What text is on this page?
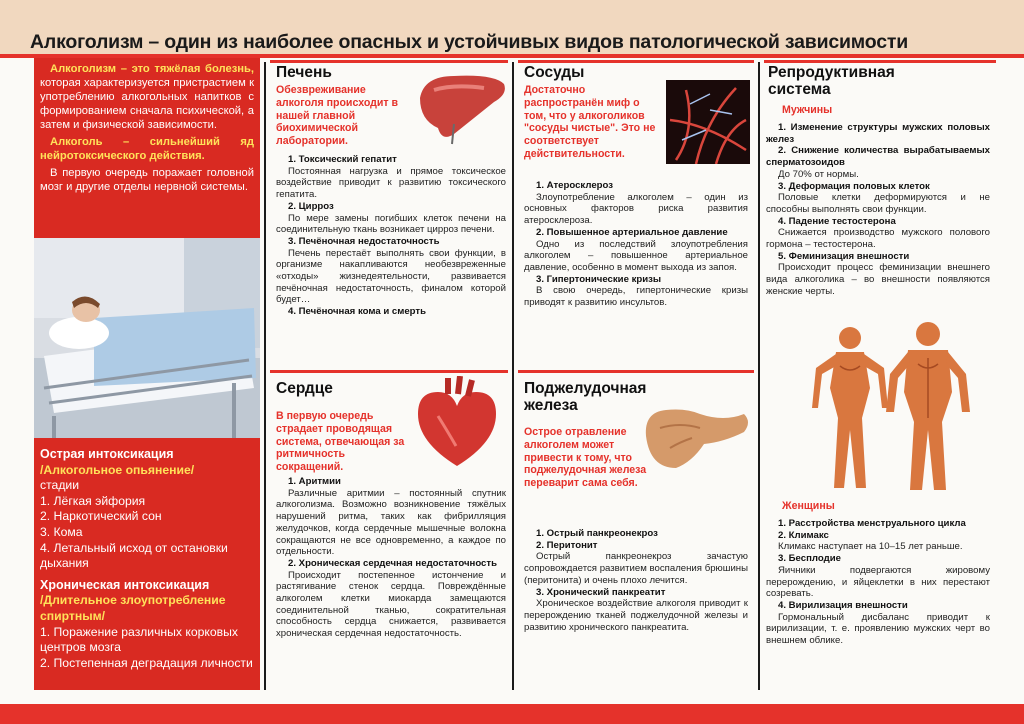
Алкоголизм – один из наиболее опасных и устойчивых видов патологической зависимости

Алкоголизм – это тяжёлая болезнь, которая характеризуется пристрастием к употреблению алкогольных напитков с формированием сначала психической, а затем и физической зависимости.

Алкоголь – сильнейший яд нейротоксического действия.

В первую очередь поражает головной мозг и другие отделы нервной системы.

Острая интоксикация
/Алкогольное опьянение/
стадии
1. Лёгкая эйфория
2. Наркотический сон
3. Кома
4. Летальный исход от остановки дыхания
Хроническая интоксикация
/Длительное злоупотребление спиртным/
1. Поражение различных корковых центров мозга
2. Постепенная деградация личности
Печень
Обезвреживание алкоголя происходит в нашей главной биохимической лаборатории.
1. Токсический гепатит
Постоянная нагрузка и прямое токсическое воздействие приводит к развитию токсического гепатита.
2. Цирроз
По мере замены погибших клеток печени на соединительную ткань возникает цирроз печени.
3. Печёночная недостаточность
Печень перестаёт выполнять свои функции, в организме накапливаются необезвреженные «отходы» жизнедеятельности, развивается печёночная недостаточность, финалом которой будет…
4. Печёночная кома и смерть
Сердце
В первую очередь страдает проводящая система, отвечающая за ритмичность сокращений.
1. Аритмии
Различные аритмии – постоянный спутник алкоголизма. Возможно возникновение тяжёлых нарушений ритма, таких как фибрилляция желудочков, когда сердечные мышечные волокна сокращаются не все одновременно, а каждое по отдельности.
2. Хроническая сердечная недостаточность
Происходит постепенное истончение и растягивание стенок сердца. Повреждённые алкоголем клетки миокарда замещаются соединительной тканью, сократительная способность сердца снижается, развивается хроническая сердечная недостаточность.
Сосуды
Достаточно распространён миф о том, что у алкоголиков "сосуды чистые". Это не соответствует действительности.
1. Атеросклероз
Злоупотребление алкоголем – один из основных факторов риска развития атеросклероза.
2. Повышенное артериальное давление
Одно из последствий злоупотребления алкоголем – повышенное артериальное давление, особенно в момент выхода из запоя.
3. Гипертонические кризы
В свою очередь, гипертонические кризы приводят к развитию инсультов.
Поджелудочная
железа
Острое отравление алкоголем может привести к тому, что поджелудочная железа переварит сама себя.
1. Острый панкреонекроз
2. Перитонит
Острый панкреонекроз зачастую сопровождается развитием воспаления брюшины (перитонита) и очень плохо лечится.
3. Хронический панкреатит
Хроническое воздействие алкоголя приводит к перерождению тканей поджелудочной железы и развитию хронического панкреатита.
Репродуктивная
система
Мужчины
1. Изменение структуры мужских половых желез
2. Снижение количества вырабатываемых сперматозоидов
До 70% от нормы.
3. Деформация половых клеток
Половые клетки деформируются и не способны выполнять свои функции.
4. Падение тестостерона
Снижается производство мужского полового гормона – тестостерона.
5. Феминизация внешности
Происходит процесс феминизации внешнего вида алкоголика – во внешности появляются женские черты.
Женщины
1. Расстройства менструального цикла
2. Климакс
Климакс наступает на 10–15 лет раньше.
3. Бесплодие
Яичники подвергаются жировому перерождению, и яйцеклетки в них перестают созревать.
4. Вирилизация внешности
Гормональный дисбаланс приводит к вирилизации, т. е. проявлению мужских черт во внешнем облике.
